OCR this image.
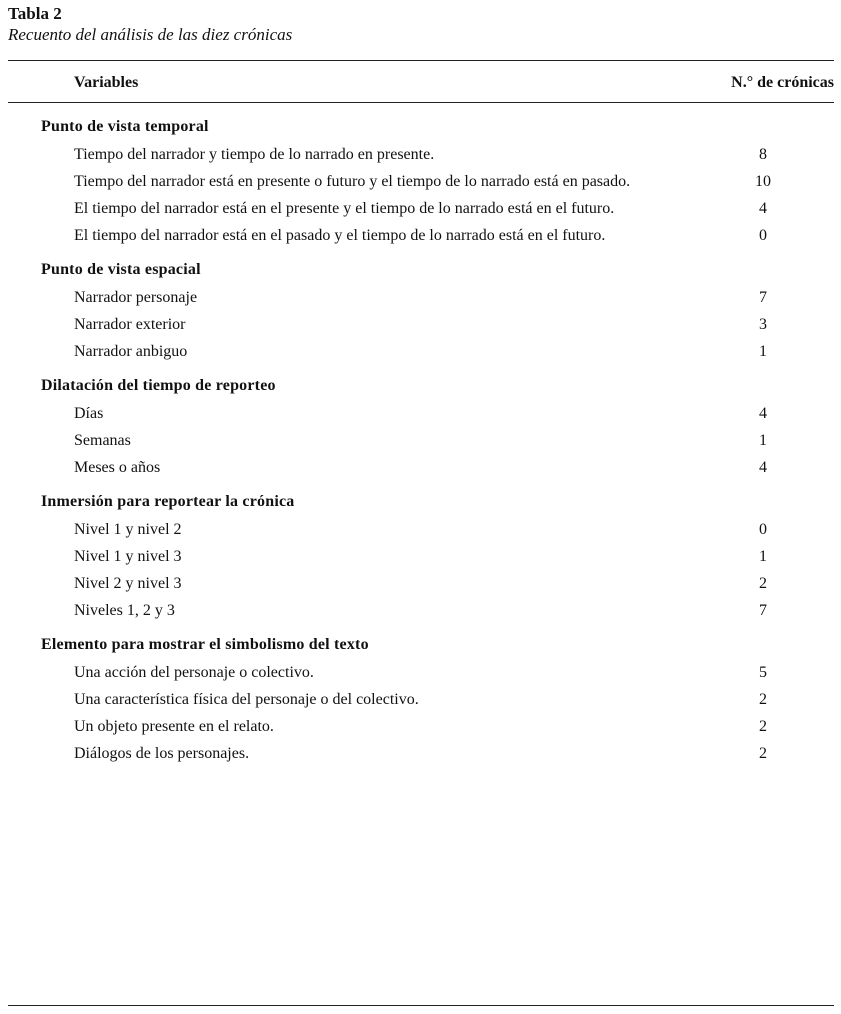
Tabla 2
Recuento del análisis de las diez crónicas
Variables	N.° de crónicas
Punto de vista temporal
Tiempo del narrador y tiempo de lo narrado en presente.	8
Tiempo del narrador está en presente o futuro y el tiempo de lo narrado está en pasado.	10
El tiempo del narrador está en el presente y el tiempo de lo narrado está en el futuro.	4
El tiempo del narrador está en el pasado y el tiempo de lo narrado está en el futuro.	0
Punto de vista espacial
Narrador personaje	7
Narrador exterior	3
Narrador anbiguo	1
Dilatación del tiempo de reporteo
Días	4
Semanas	1
Meses o años	4
Inmersión para reportear la crónica
Nivel 1 y nivel 2	0
Nivel 1 y nivel 3	1
Nivel 2 y nivel 3	2
Niveles 1, 2 y 3	7
Elemento para mostrar el simbolismo del texto
Una acción del personaje o colectivo.	5
Una característica física del personaje o del colectivo.	2
Un objeto presente en el relato.	2
Diálogos de los personajes.	2
